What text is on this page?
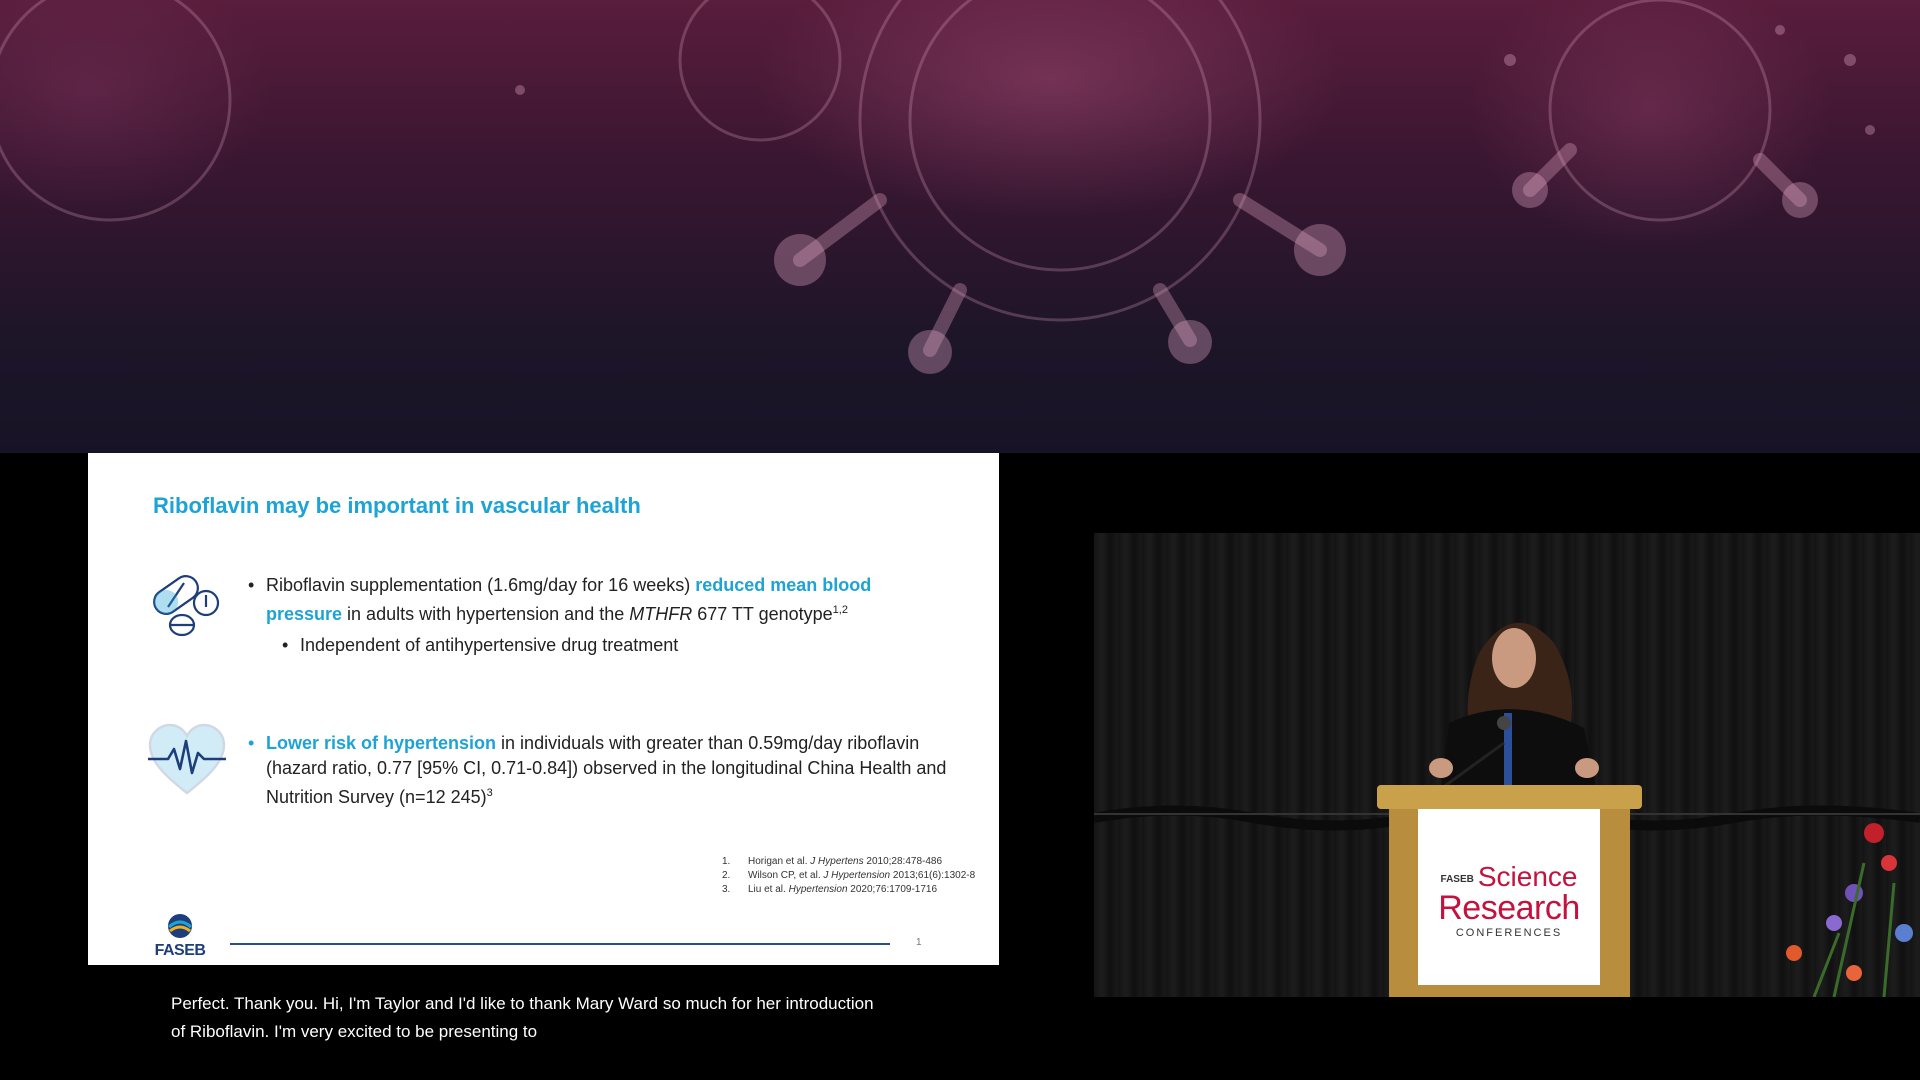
Riboflavin may be important in vascular health

• Riboflavin supplementation (1.6mg/day for 16 weeks) reduced mean blood pressure in adults with hypertension and the MTHFR 677 TT genotype$^{1,2}$

• Independent of antihypertensive drug treatment

• Lower risk of hypertension in individuals with greater than 0.59mg/day riboflavin (hazard ratio, 0.77 [95% CI, 0.71-0.84]) observed in the longitudinal China Health and Nutrition Survey (n=12 245)$^3$

1. Horigan et al. J Hypertens 2010;28:478-486
2. Wilson CP, et al. J Hypertension 2013;61(6):1302-8
3. Liu et al. Hypertension 2020;76:1709-1716
FASEB	1
FASEB Science
Research
CONFERENCES
Perfect. Thank you. Hi, I'm Taylor and I'd like to thank Mary Ward so much for her introduction
of Riboflavin. I'm very excited to be presenting to
